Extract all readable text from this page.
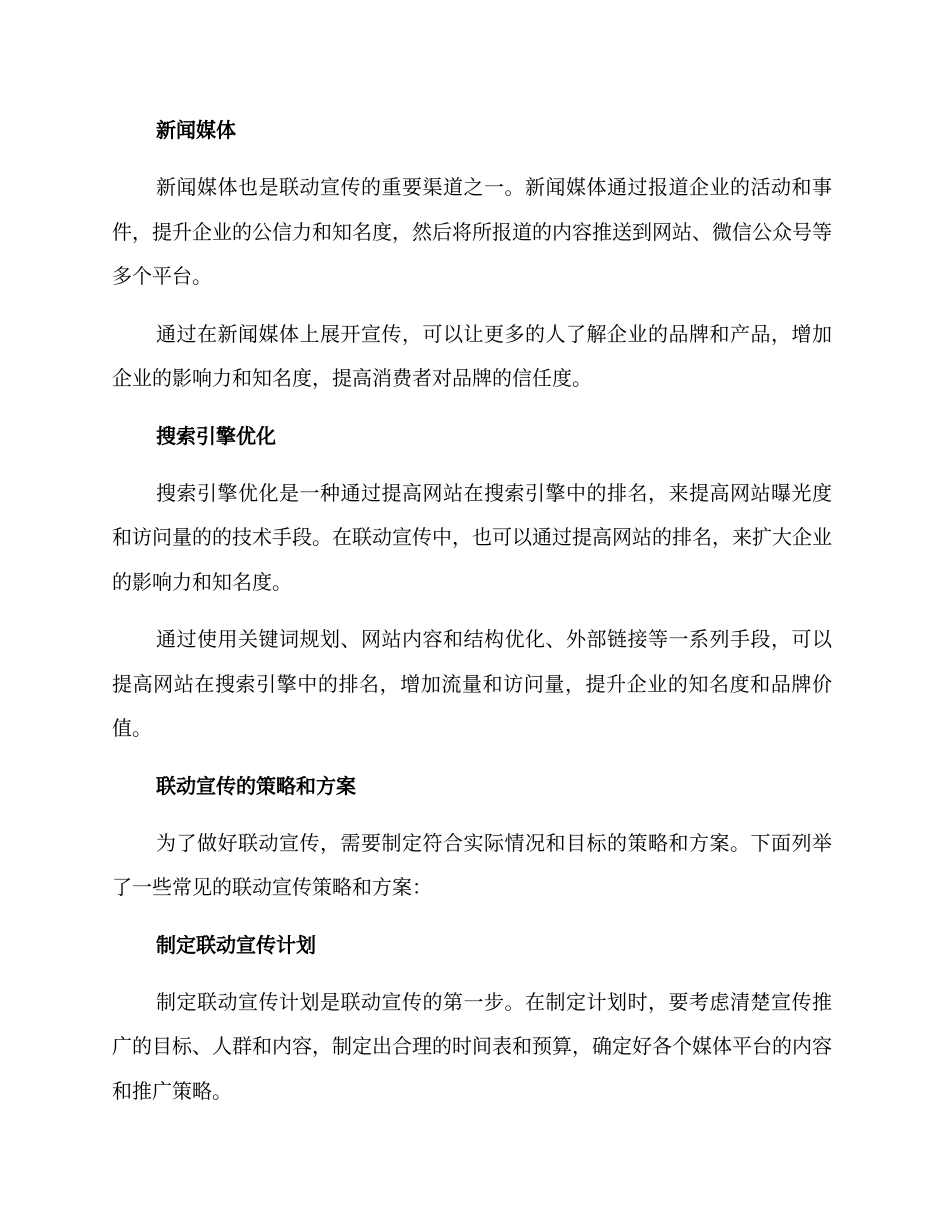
新闻媒体

新闻媒体也是联动宣传的重要渠道之一。新闻媒体通过报道企业的活动和事件，提升企业的公信力和知名度，然后将所报道的内容推送到网站、微信公众号等多个平台。

通过在新闻媒体上展开宣传，可以让更多的人了解企业的品牌和产品，增加企业的影响力和知名度，提高消费者对品牌的信任度。

搜索引擎优化

搜索引擎优化是一种通过提高网站在搜索引擎中的排名，来提高网站曝光度和访问量的的技术手段。在联动宣传中，也可以通过提高网站的排名，来扩大企业的影响力和知名度。

通过使用关键词规划、网站内容和结构优化、外部链接等一系列手段，可以提高网站在搜索引擎中的排名，增加流量和访问量，提升企业的知名度和品牌价值。

联动宣传的策略和方案

为了做好联动宣传，需要制定符合实际情况和目标的策略和方案。下面列举了一些常见的联动宣传策略和方案：

制定联动宣传计划

制定联动宣传计划是联动宣传的第一步。在制定计划时，要考虑清楚宣传推广的目标、人群和内容，制定出合理的时间表和预算，确定好各个媒体平台的内容和推广策略。
